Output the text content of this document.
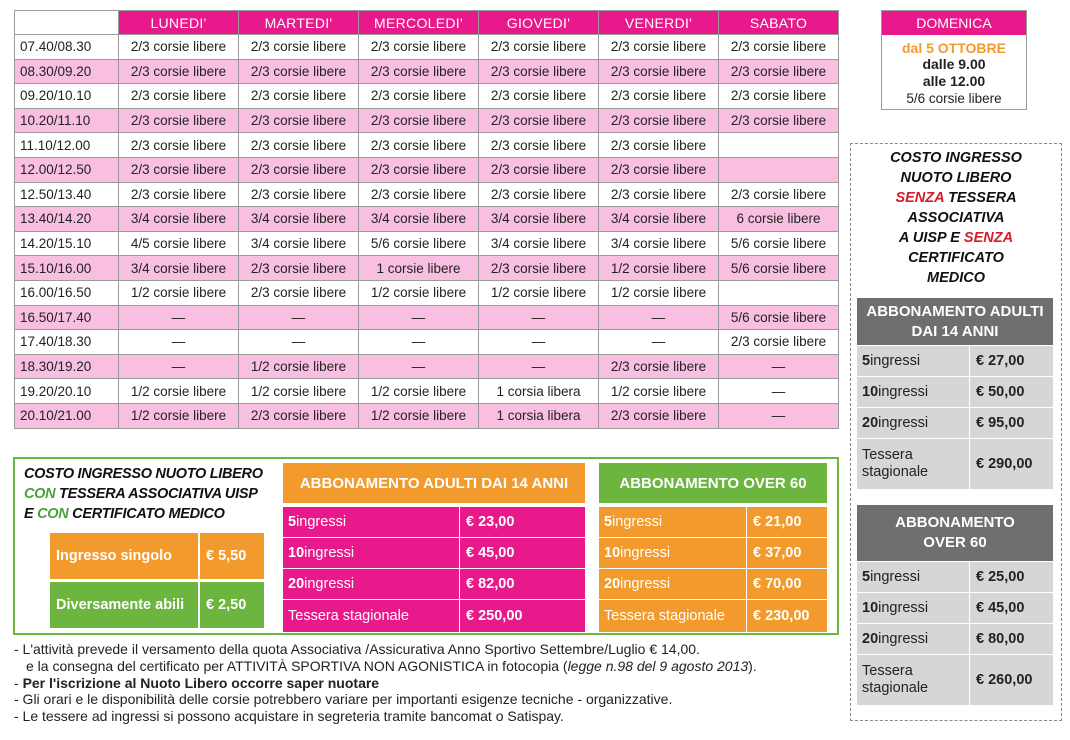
	LUNEDI'	MARTEDI'	MERCOLEDI'	GIOVEDI'	VENERDI'	SABATO
07.40/08.30	2/3 corsie libere	2/3 corsie libere	2/3 corsie libere	2/3 corsie libere	2/3 corsie libere	2/3 corsie libere
08.30/09.20	2/3 corsie libere	2/3 corsie libere	2/3 corsie libere	2/3 corsie libere	2/3 corsie libere	2/3 corsie libere
09.20/10.10	2/3 corsie libere	2/3 corsie libere	2/3 corsie libere	2/3 corsie libere	2/3 corsie libere	2/3 corsie libere
10.20/11.10	2/3 corsie libere	2/3 corsie libere	2/3 corsie libere	2/3 corsie libere	2/3 corsie libere	2/3 corsie libere
11.10/12.00	2/3 corsie libere	2/3 corsie libere	2/3 corsie libere	2/3 corsie libere	2/3 corsie libere	
12.00/12.50	2/3 corsie libere	2/3 corsie libere	2/3 corsie libere	2/3 corsie libere	2/3 corsie libere	
12.50/13.40	2/3 corsie libere	2/3 corsie libere	2/3 corsie libere	2/3 corsie libere	2/3 corsie libere	2/3 corsie libere
13.40/14.20	3/4 corsie libere	3/4 corsie libere	3/4 corsie libere	3/4 corsie libere	3/4 corsie libere	6 corsie libere
14.20/15.10	4/5 corsie libere	3/4 corsie libere	5/6 corsie libere	3/4 corsie libere	3/4 corsie libere	5/6 corsie libere
15.10/16.00	3/4 corsie libere	2/3 corsie libere	1 corsie libere	2/3 corsie libere	1/2 corsie libere	5/6 corsie libere
16.00/16.50	1/2 corsie libere	2/3 corsie libere	1/2 corsie libere	1/2 corsie libere	1/2 corsie libere	
16.50/17.40	—	—	—	—	—	5/6 corsie libere
17.40/18.30	—	—	—	—	—	2/3 corsie libere
18.30/19.20	—	1/2 corsie libere	—	—	2/3 corsie libere	—
19.20/20.10	1/2 corsie libere	1/2 corsie libere	1/2 corsie libere	1 corsia libera	1/2 corsie libere	—
20.10/21.00	1/2 corsie libere	2/3 corsie libere	1/2 corsie libere	1 corsia libera	2/3 corsie libere	—
DOMENICA
dal 5 OTTOBRE
dalle 9.00
alle 12.00
5/6 corsie libere
COSTO INGRESSO
NUOTO LIBERO
SENZA TESSERA
ASSOCIATIVA
A UISP E SENZA
CERTIFICATO
MEDICO
ABBONAMENTO ADULTI
DAI 14 ANNI
5 ingressi	€ 27,00
10 ingressi	€ 50,00
20 ingressi	€ 95,00
Tessera
stagionale	€ 290,00
ABBONAMENTO
OVER 60
5 ingressi	€ 25,00
10 ingressi	€ 45,00
20 ingressi	€ 80,00
Tessera
stagionale	€ 260,00
COSTO INGRESSO NUOTO LIBERO
CON TESSERA ASSOCIATIVA UISP
E CON CERTIFICATO MEDICO
Ingresso singolo	€ 5,50
Diversamente abili	€ 2,50
ABBONAMENTO ADULTI DAI 14 ANNI
5 ingressi	€ 23,00
10 ingressi	€ 45,00
20 ingressi	€ 82,00
Tessera stagionale	€ 250,00
ABBONAMENTO OVER 60
5 ingressi	€ 21,00
10 ingressi	€ 37,00
20 ingressi	€ 70,00
Tessera stagionale	€ 230,00
- L'attività prevede il versamento della quota Associativa /Assicurativa Anno Sportivo Settembre/Luglio € 14,00.
e la consegna del certificato per ATTIVITÀ SPORTIVA NON AGONISTICA in fotocopia (legge n.98 del 9 agosto 2013).
- Per l'iscrizione al Nuoto Libero occorre saper nuotare
- Gli orari e le disponibilità delle corsie potrebbero variare per importanti esigenze tecniche - organizzative.
- Le tessere ad ingressi si possono acquistare in segreteria tramite bancomat o Satispay.
